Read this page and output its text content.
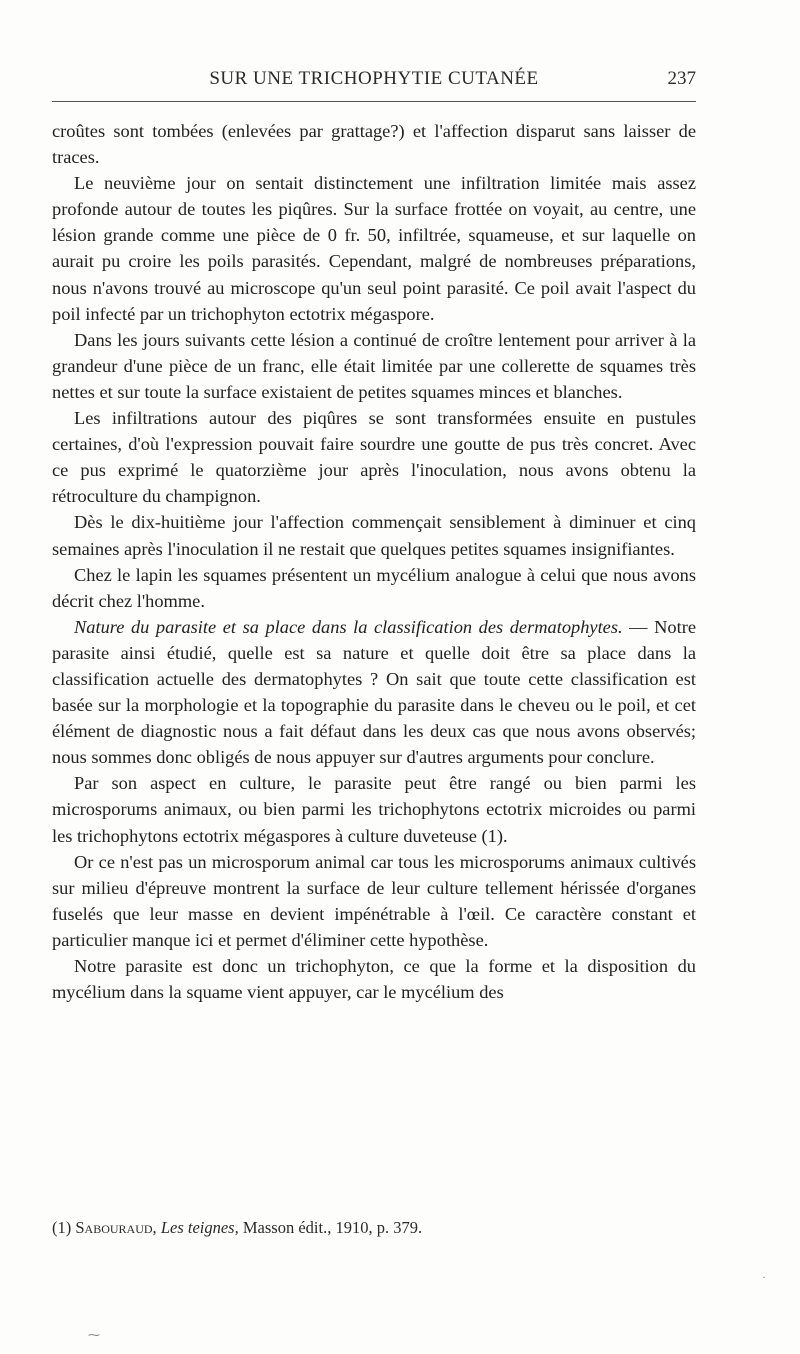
SUR UNE TRICHOPHYTIE CUTANÉE	237

croûtes sont tombées (enlevées par grattage?) et l'affection disparut sans laisser de traces.

Le neuvième jour on sentait distinctement une infiltration limitée mais assez profonde autour de toutes les piqûres. Sur la surface frottée on voyait, au centre, une lésion grande comme une pièce de 0 fr. 50, infiltrée, squameuse, et sur laquelle on aurait pu croire les poils parasités. Cependant, malgré de nombreuses préparations, nous n'avons trouvé au microscope qu'un seul point parasité. Ce poil avait l'aspect du poil infecté par un trichophyton ectotrix mégaspore.

Dans les jours suivants cette lésion a continué de croître lentement pour arriver à la grandeur d'une pièce de un franc, elle était limitée par une collerette de squames très nettes et sur toute la surface existaient de petites squames minces et blanches.

Les infiltrations autour des piqûres se sont transformées ensuite en pustules certaines, d'où l'expression pouvait faire sourdre une goutte de pus très concret. Avec ce pus exprimé le quatorzième jour après l'inoculation, nous avons obtenu la rétroculture du champignon.

Dès le dix-huitième jour l'affection commençait sensiblement à diminuer et cinq semaines après l'inoculation il ne restait que quelques petites squames insignifiantes.

Chez le lapin les squames présentent un mycélium analogue à celui que nous avons décrit chez l'homme.

Nature du parasite et sa place dans la classification des dermatophytes. — Notre parasite ainsi étudié, quelle est sa nature et quelle doit être sa place dans la classification actuelle des dermatophytes ? On sait que toute cette classification est basée sur la morphologie et la topographie du parasite dans le cheveu ou le poil, et cet élément de diagnostic nous a fait défaut dans les deux cas que nous avons observés; nous sommes donc obligés de nous appuyer sur d'autres arguments pour conclure.

Par son aspect en culture, le parasite peut être rangé ou bien parmi les microsporums animaux, ou bien parmi les trichophytons ectotrix microides ou parmi les trichophytons ectotrix mégaspores à culture duveteuse (1).

Or ce n'est pas un microsporum animal car tous les microsporums animaux cultivés sur milieu d'épreuve montrent la surface de leur culture tellement hérissée d'organes fuselés que leur masse en devient impénétrable à l'œil. Ce caractère constant et particulier manque ici et permet d'éliminer cette hypothèse.

Notre parasite est donc un trichophyton, ce que la forme et la disposition du mycélium dans la squame vient appuyer, car le mycélium des

(1) Sabouraud, Les teignes, Masson édit., 1910, p. 379.
⁓
·
